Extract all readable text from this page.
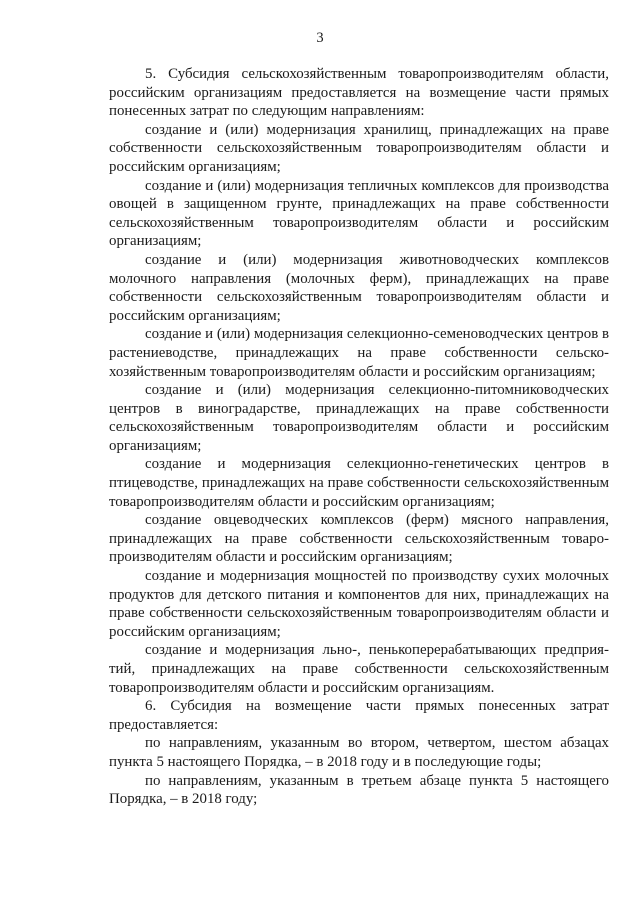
3

5. Субсидия сельскохозяйственным товаропроизводителям области, российским организациям предоставляется на возмещение части прямых понесенных затрат по следующим направлениям:

создание и (или) модернизация хранилищ, принадлежащих на праве собственности сельскохозяйственным товаропроизводителям области и российским организациям;

создание и (или) модернизация тепличных комплексов для производства овощей в защищенном грунте, принадлежащих на праве собственности сельскохозяйственным товаропроизводителям области и российским организациям;

создание и (или) модернизация животноводческих комплексов молочного направления (молочных ферм), принадлежащих на праве собственности сельскохозяйственным товаропроизводителям области и российским организациям;

создание и (или) модернизация селекционно-семеноводческих центров в растениеводстве, принадлежащих на праве собственности сельскохозяйственным товаропроизводителям области и российским организациям;

создание и (или) модернизация селекционно-питомниководческих центров в виноградарстве, принадлежащих на праве собственности сельскохозяйственным товаропроизводителям области и российским организациям;

создание и модернизация селекционно-генетических центров в птицеводстве, принадлежащих на праве собственности сельскохозяйственным товаропроизводителям области и российским организациям;

создание овцеводческих комплексов (ферм) мясного направления, принадлежащих на праве собственности сельскохозяйственным товаропроизводителям области и российским организациям;

создание и модернизация мощностей по производству сухих молочных продуктов для детского питания и компонентов для них, принадлежащих на праве собственности сельскохозяйственным товаропроизводителям области и российским организациям;

создание и модернизация льно-, пенькоперерабатывающих предприятий, принадлежащих на праве собственности сельскохозяйственным товаропроизводителям области и российским организациям.

6. Субсидия на возмещение части прямых понесенных затрат предоставляется:

по направлениям, указанным во втором, четвертом, шестом абзацах пункта 5 настоящего Порядка, – в 2018 году и в последующие годы;

по направлениям, указанным в третьем абзаце пункта 5 настоящего Порядка, – в 2018 году;
